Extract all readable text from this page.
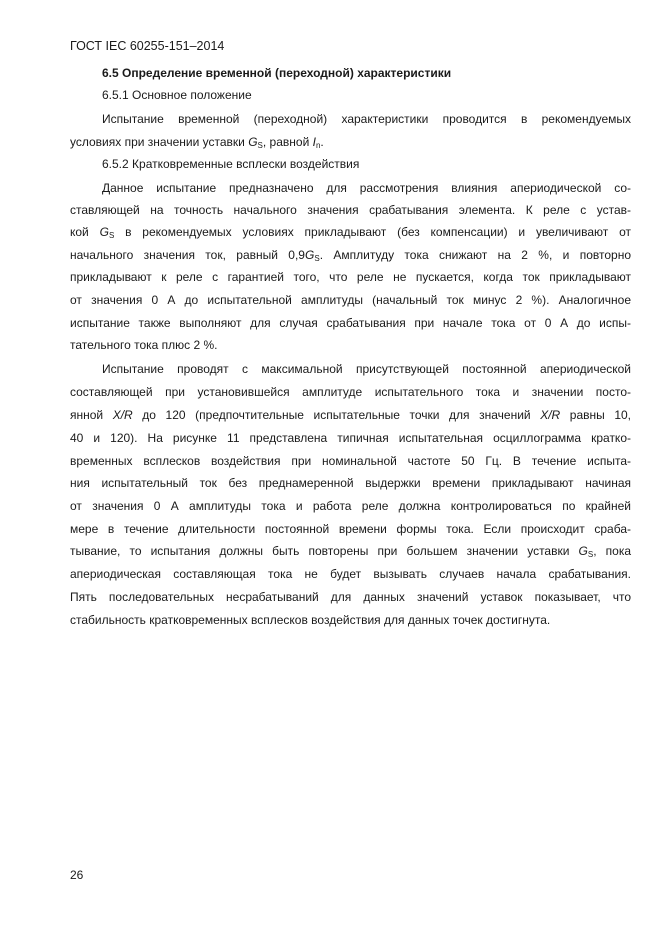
ГОСТ IEC 60255-151–2014
6.5 Определение временной (переходной) характеристики
6.5.1 Основное положение
Испытание временной (переходной) характеристики проводится в рекомендуемых
условиях при значении уставки $G_S$, равной $I_n$.
6.5.2 Кратковременные всплески воздействия
Данное испытание предназначено для рассмотрения влияния апериодической со-
ставляющей на точность начального значения срабатывания элемента. К реле с устав-
кой $G_S$ в рекомендуемых условиях прикладывают (без компенсации) и увеличивают от
начального значения ток, равный $0,9G_S$. Амплитуду тока снижают на 2 %, и повторно
прикладывают к реле с гарантией того, что реле не пускается, когда ток прикладывают
от значения 0 А до испытательной амплитуды (начальный ток минус 2 %). Аналогичное
испытание также выполняют для случая срабатывания при начале тока от 0 А до испы-
тательного тока плюс 2 %.
Испытание проводят с максимальной присутствующей постоянной апериодической
составляющей при установившейся амплитуде испытательного тока и значении посто-
янной X/R до 120 (предпочтительные испытательные точки для значений X/R равны 10,
40 и 120). На рисунке 11 представлена типичная испытательная осциллограмма кратко-
временных всплесков воздействия при номинальной частоте 50 Гц. В течение испыта-
ния испытательный ток без преднамеренной выдержки времени прикладывают начиная
от значения 0 А амплитуды тока и работа реле должна контролироваться по крайней
мере в течение длительности постоянной времени формы тока. Если происходит сраба-
тывание, то испытания должны быть повторены при большем значении уставки $G_S$, пока
апериодическая составляющая тока не будет вызывать случаев начала срабатывания.
Пять последовательных несрабатываний для данных значений уставок показывает, что
стабильность кратковременных всплесков воздействия для данных точек достигнута.
26
